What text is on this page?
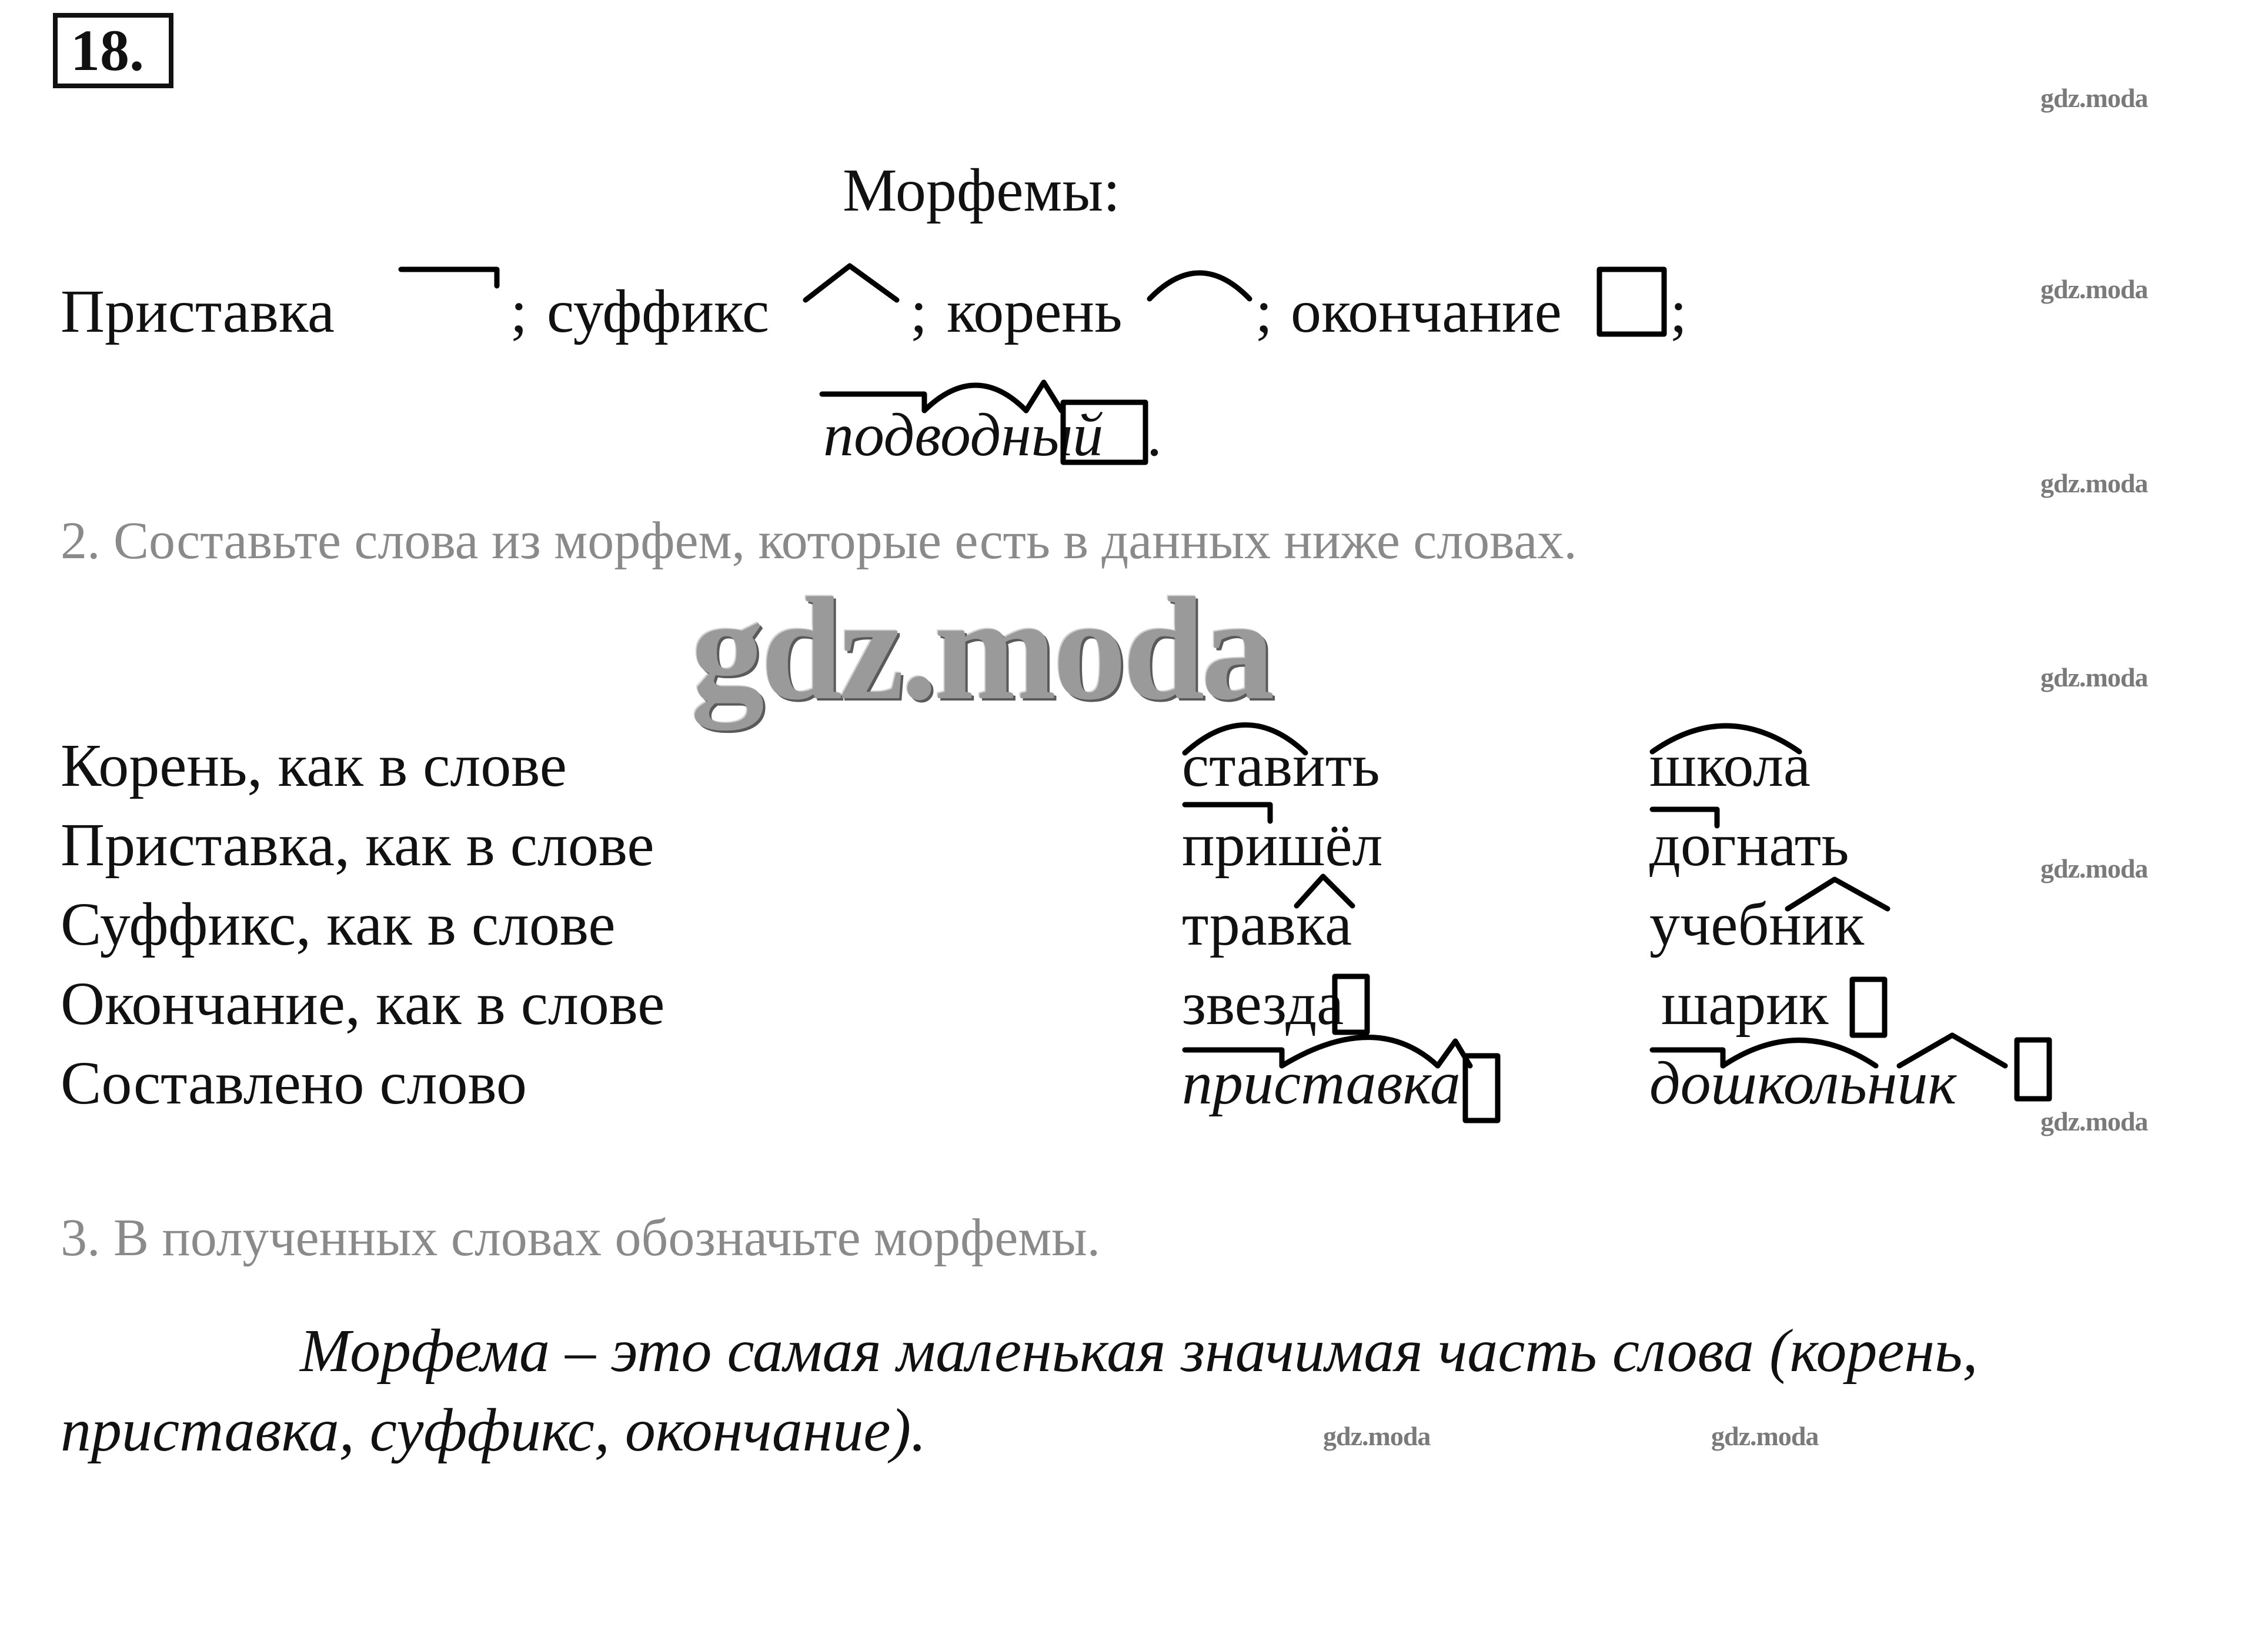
18.
gdz.moda
gdz.moda
gdz.moda
gdz.moda
gdz.moda
gdz.moda
gdz.moda	gdz.moda
gdz.moda
Морфемы:
Приставка	; суффикс ; корень ; окончание ;
подводный .
2. Составьте слова из морфем, которые есть в данных ниже словах.
Корень, как в слове
Приставка, как в слове
Суффикс, как в слове
Окончание, как в слове
Составлено слово
ставить
пришёл
травка
звезда
приставка
школа
догнать
учебник
шарик
дошкольник
3. В полученных словах обозначьте морфемы.
Морфема – это самая маленькая значимая часть слова (корень,
приставка, суффикс, окончание).
